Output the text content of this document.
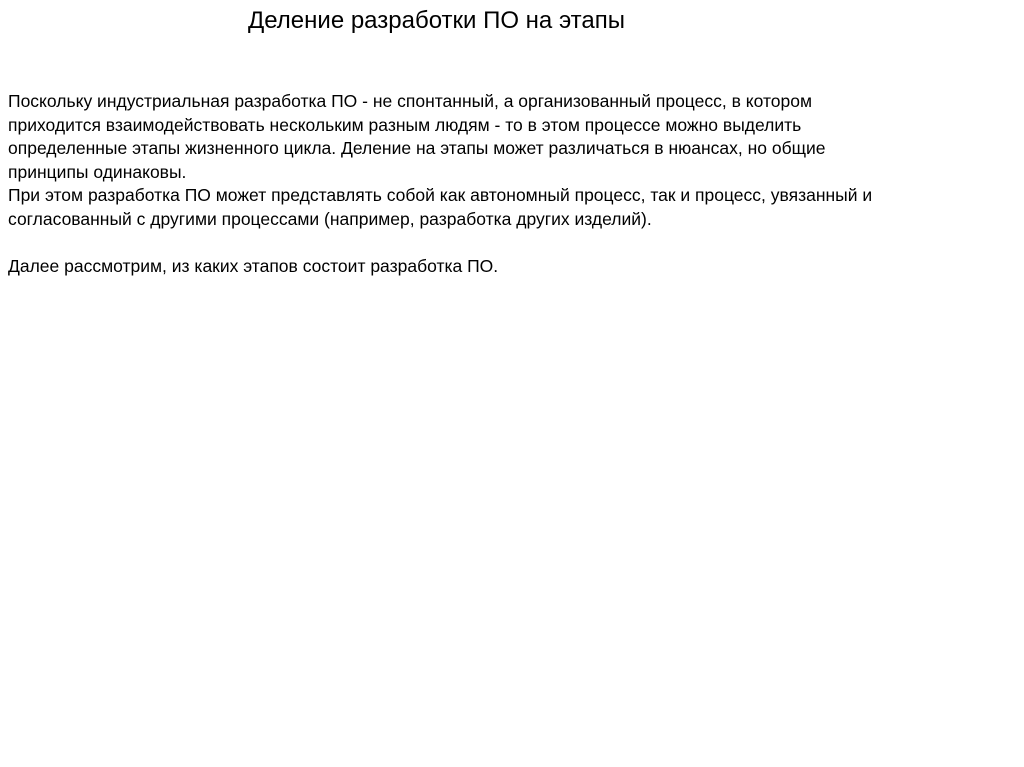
Деление разработки ПО на этапы

Поскольку индустриальная разработка ПО - не спонтанный, а организованный процесс, в котором
приходится взаимодействовать нескольким разным людям - то в этом процессе можно выделить
определенные этапы жизненного цикла. Деление на этапы может различаться в нюансах, но общие
принципы одинаковы.

При этом разработка ПО может представлять собой как автономный процесс, так и процесс, увязанный и
согласованный с другими процессами (например, разработка других изделий).

Далее рассмотрим, из каких этапов состоит разработка ПО.
